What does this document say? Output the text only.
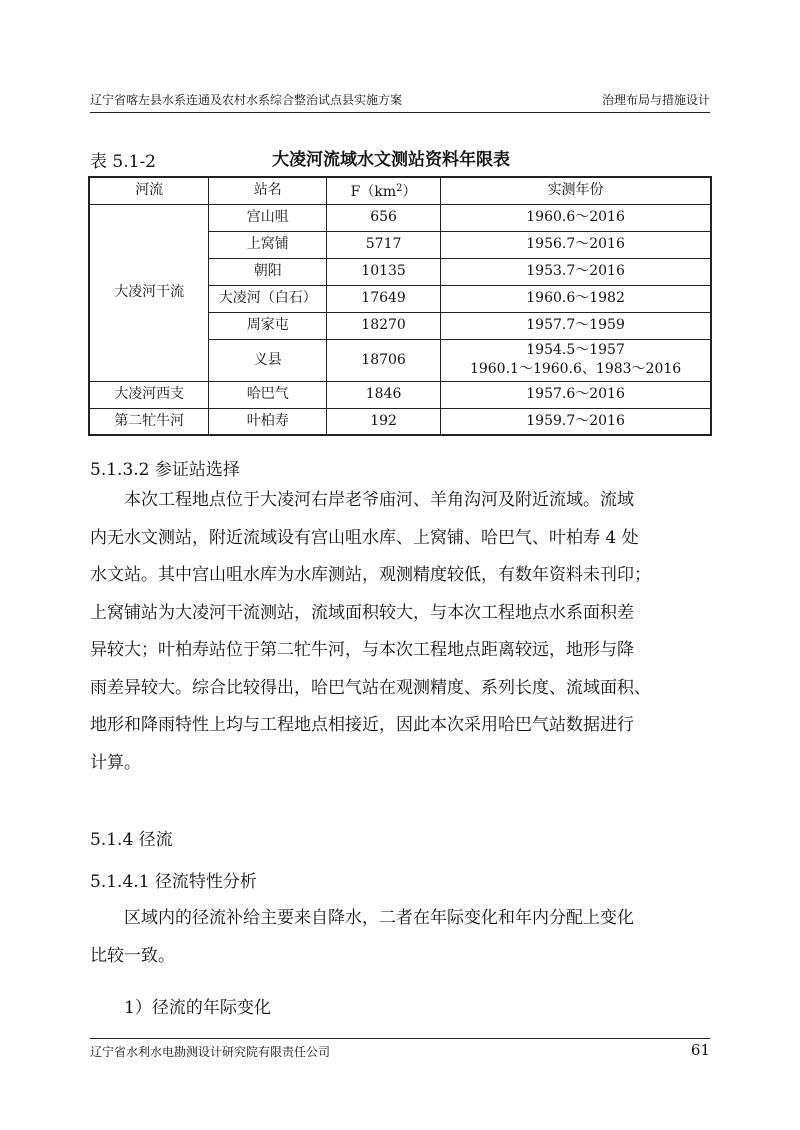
辽宁省喀左县水系连通及农村水系综合整治试点县实施方案	治理布局与措施设计
表 5.1-2	大凌河流域水文测站资料年限表
河流	站名	$F(km^2)$	实测年份
大凌河干流	宫山咀	656	1960.6～2016
	上窝铺	5717	1956.7～2016
	朝阳	10135	1953.7～2016
	大凌河（白石）	17649	1960.6～1982
	周家屯	18270	1957.7～1959
	义县	18706	1954.5～1957
1960.1～1960.6、1983～2016

大凌河西支	哈巴气	1846	1957.6～2016
第二牤牛河	叶柏寿	192	1959.7～2016
5.1.3.2 参证站选择
本次工程地点位于大凌河右岸老爷庙河、羊角沟河及附近流域。流域
内无水文测站，附近流域设有宫山咀水库、上窝铺、哈巴气、叶柏寿 4 处
水文站。其中宫山咀水库为水库测站，观测精度较低，有数年资料未刊印；
上窝铺站为大凌河干流测站，流域面积较大，与本次工程地点水系面积差
异较大；叶柏寿站位于第二牤牛河，与本次工程地点距离较远，地形与降
雨差异较大。综合比较得出，哈巴气站在观测精度、系列长度、流域面积、
地形和降雨特性上均与工程地点相接近，因此本次采用哈巴气站数据进行
计算。
5.1.4 径流
5.1.4.1 径流特性分析
区域内的径流补给主要来自降水，二者在年际变化和年内分配上变化
比较一致。
1）径流的年际变化
辽宁省水利水电勘测设计研究院有限责任公司	61
